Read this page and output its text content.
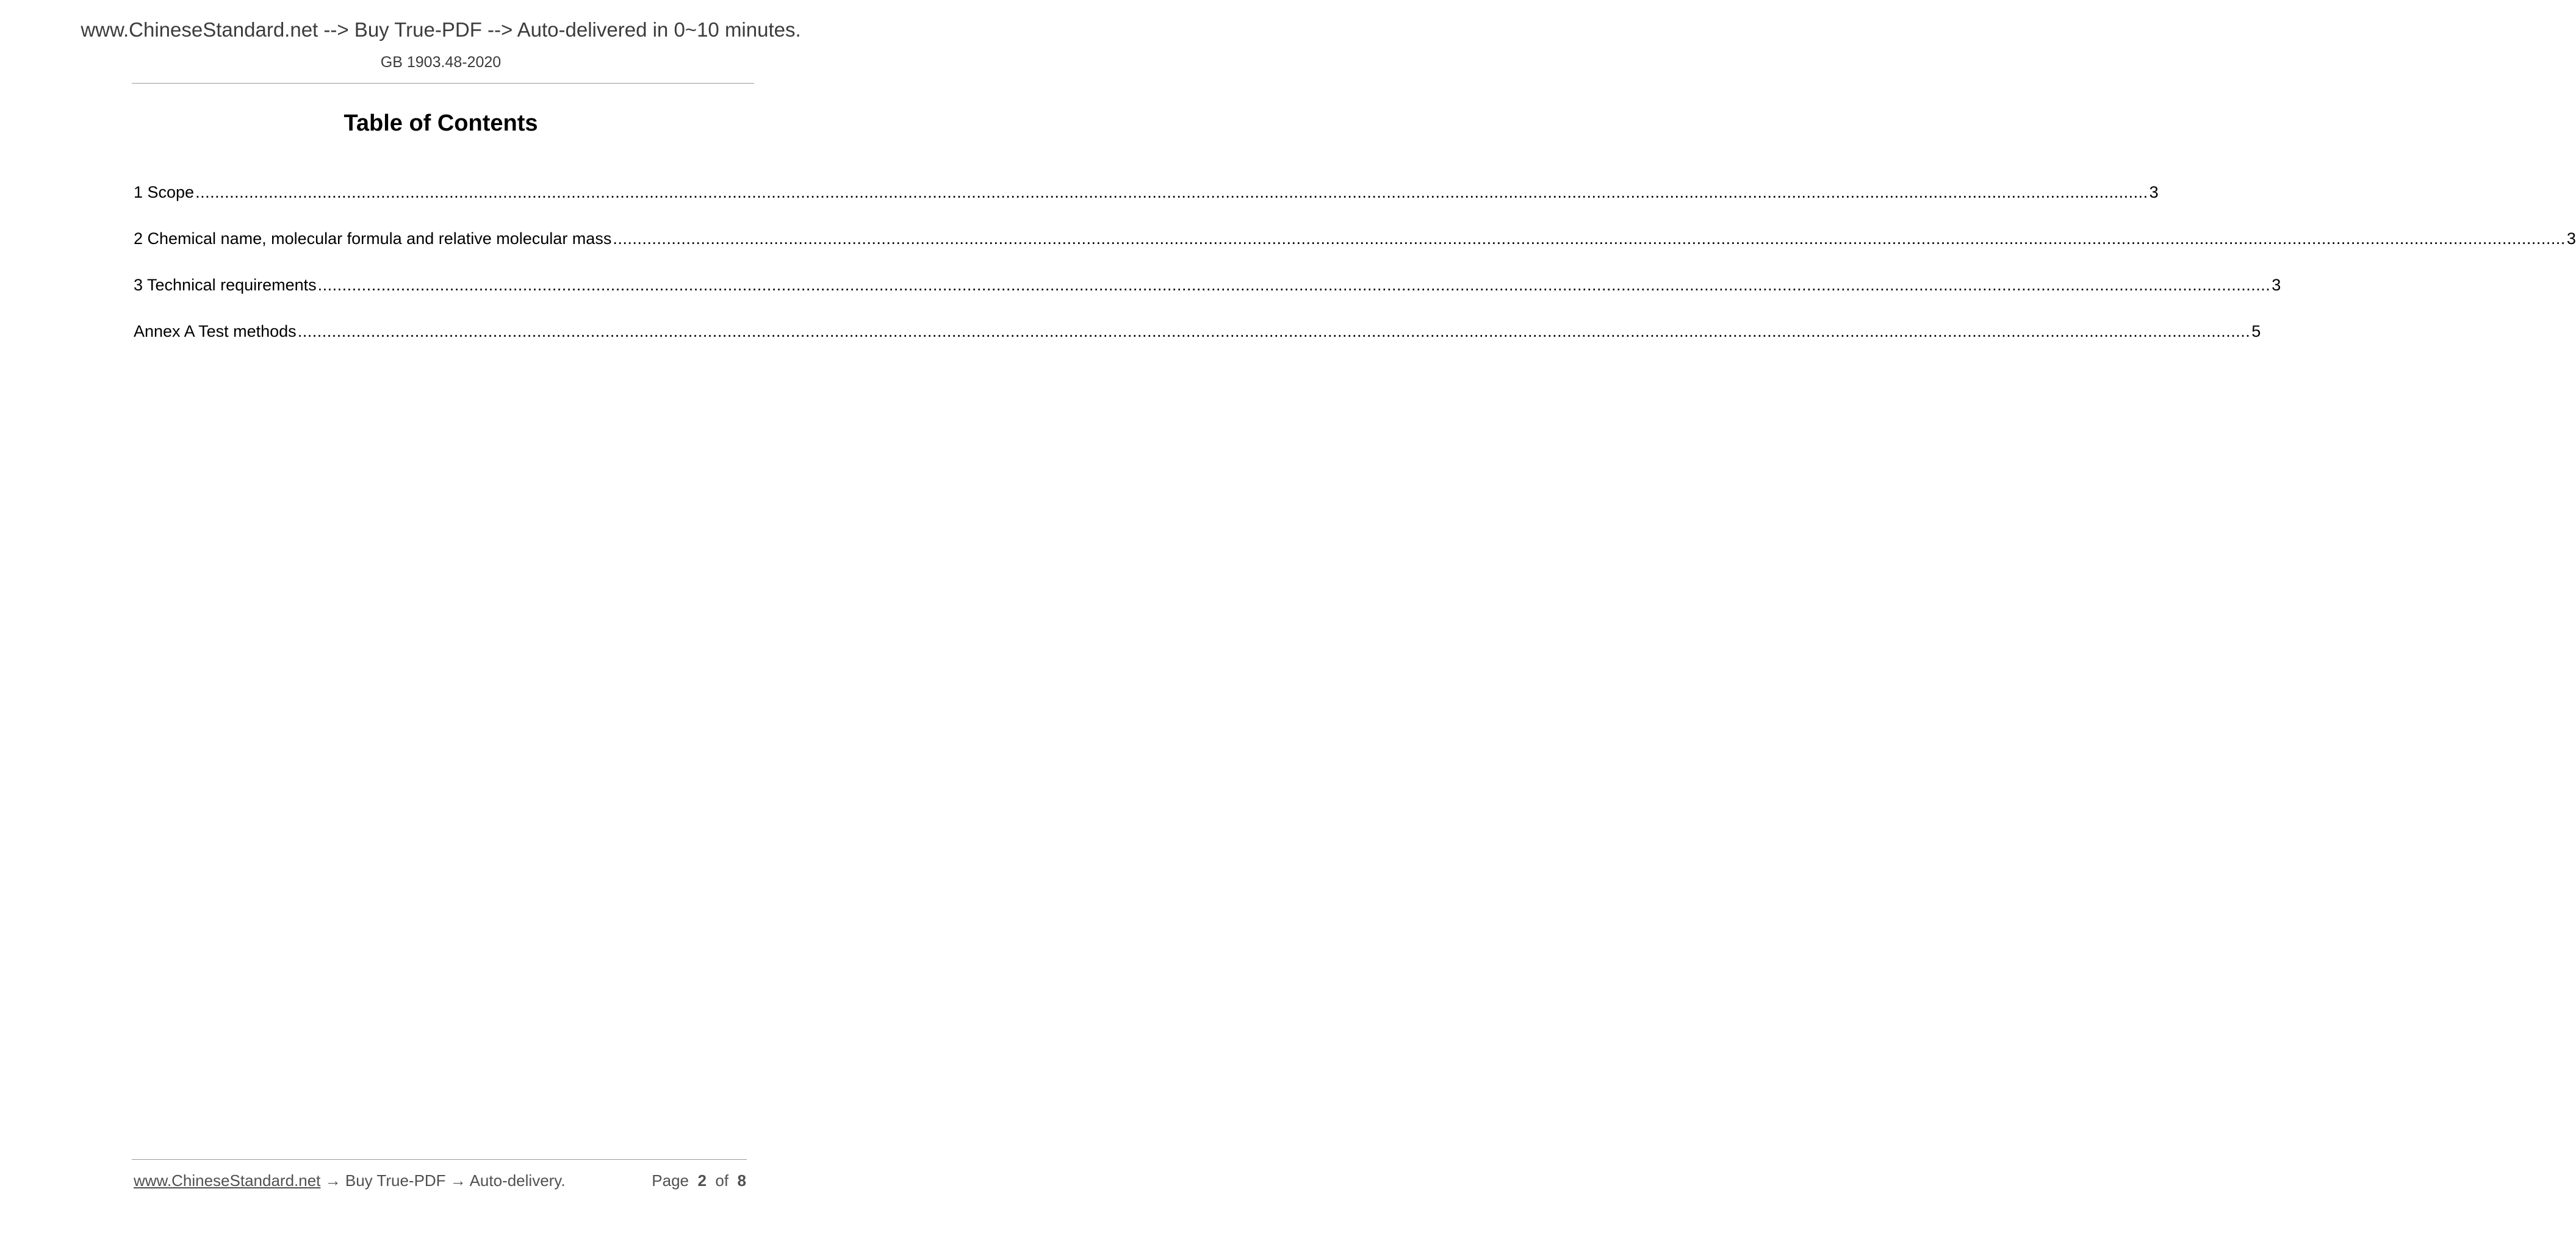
www.ChineseStandard.net --> Buy True-PDF --> Auto-delivered in 0~10 minutes.
GB 1903.48-2020
Table of Contents
1 Scope ................................................................................................................................................................................................................................................................................................................................................................................................................ 3
2 Chemical name, molecular formula and relative molecular mass ................................................................................................................................................................................................................................................................................................................................................................................................................ 3
3 Technical requirements ................................................................................................................................................................................................................................................................................................................................................................................................................ 3
Annex A Test methods ................................................................................................................................................................................................................................................................................................................................................................................................................ 5
www.ChineseStandard.net → Buy True-PDF → Auto-delivery.	Page 2 of 8
